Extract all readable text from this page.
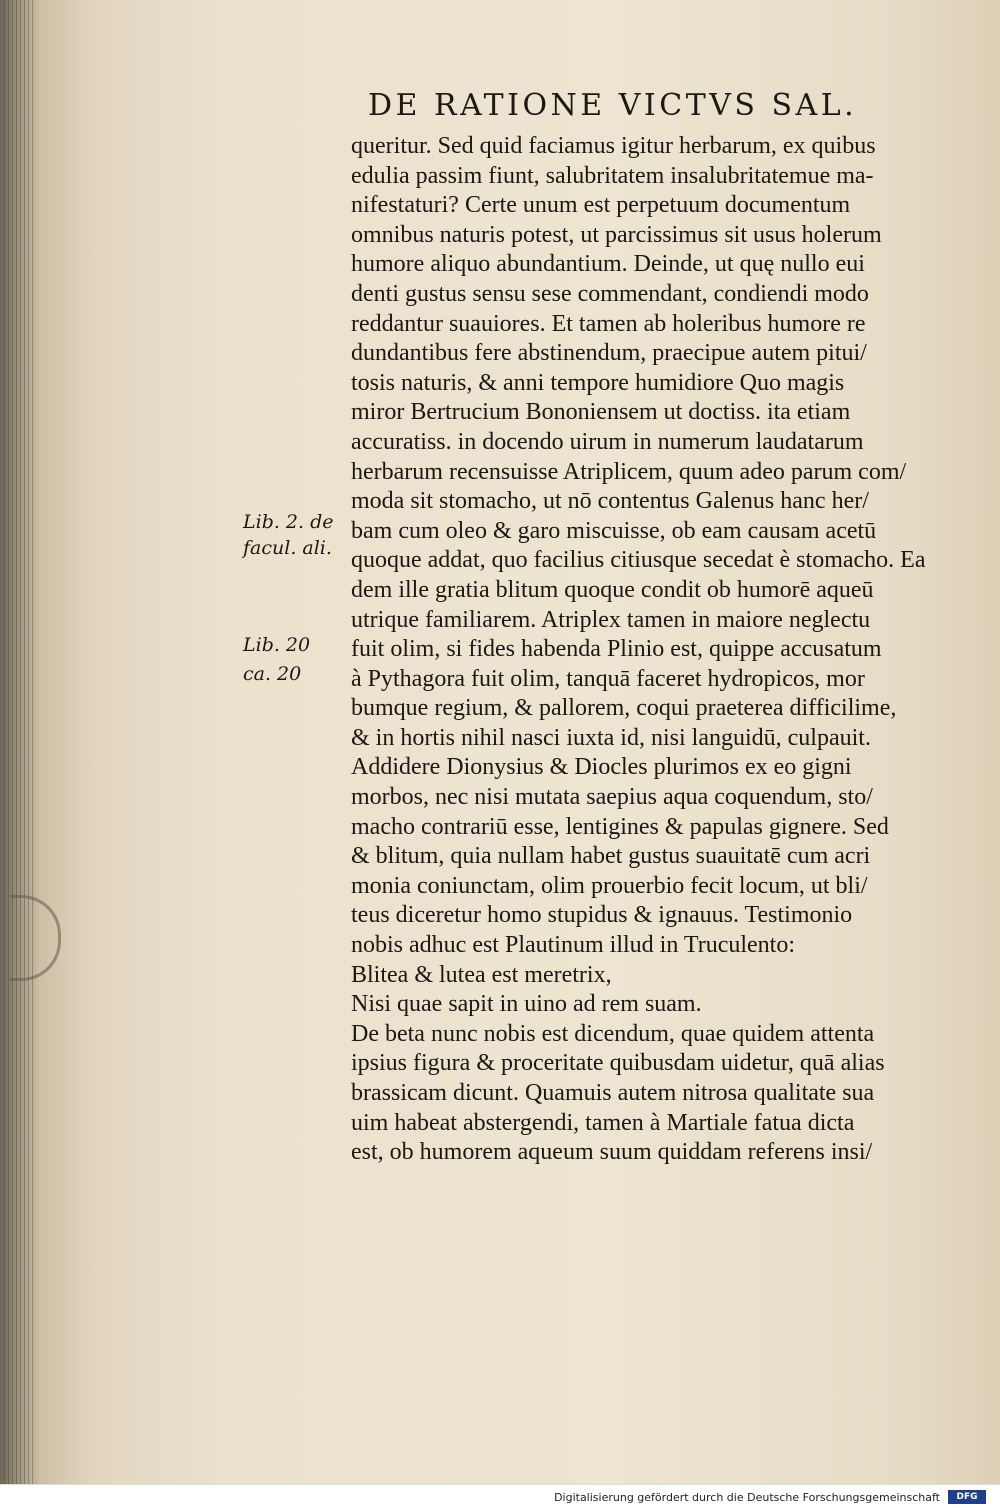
DE RATIONE VICTVS SAL.
Lib. 2. de
facul. ali.
Lib. 20
ca. 20
queritur. Sed quid faciamus igitur herbarum, ex quibus
edulia passim fiunt, salubritatem insalubritatemue ma-
nifestaturi? Certe unum est perpetuum documentum
omnibus naturis potest, ut parcissimus sit usus holerum
humore aliquo abundantium. Deinde, ut quę nullo eui
denti gustus sensu sese commendant, condiendi modo
reddantur suauiores. Et tamen ab holeribus humore re
dundantibus fere abstinendum, praecipue autem pitui/
tosis naturis, & anni tempore humidiore Quo magis
miror Bertrucium Bononiensem ut doctiss. ita etiam
accuratiss. in docendo uirum in numerum laudatarum
herbarum recensuisse Atriplicem, quum adeo parum com/
moda sit stomacho, ut nō contentus Galenus hanc her/
bam cum oleo & garo miscuisse, ob eam causam acetū
quoque addat, quo facilius citiusque secedat è stomacho. Ea
dem ille gratia blitum quoque condit ob humorē aqueū
utrique familiarem. Atriplex tamen in maiore neglectu
fuit olim, si fides habenda Plinio est, quippe accusatum
à Pythagora fuit olim, tanquā faceret hydropicos, mor
bumque regium, & pallorem, coqui praeterea difficilime,
& in hortis nihil nasci iuxta id, nisi languidū, culpauit.
Addidere Dionysius & Diocles plurimos ex eo gigni
morbos, nec nisi mutata saepius aqua coquendum, sto/
macho contrariū esse, lentigines & papulas gignere. Sed
& blitum, quia nullam habet gustus suauitatē cum acri
monia coniunctam, olim prouerbio fecit locum, ut bli/
teus diceretur homo stupidus & ignauus. Testimonio
nobis adhuc est Plautinum illud in Truculento:
Blitea & lutea est meretrix,
Nisi quae sapit in uino ad rem suam.
De beta nunc nobis est dicendum, quae quidem attenta
ipsius figura & proceritate quibusdam uidetur, quā alias
brassicam dicunt. Quamuis autem nitrosa qualitate sua
uim habeat abstergendi, tamen à Martiale fatua dicta
est, ob humorem aqueum suum quiddam referens insi/
Digitalisierung gefördert durch die Deutsche Forschungsgemeinschaft	DFG
